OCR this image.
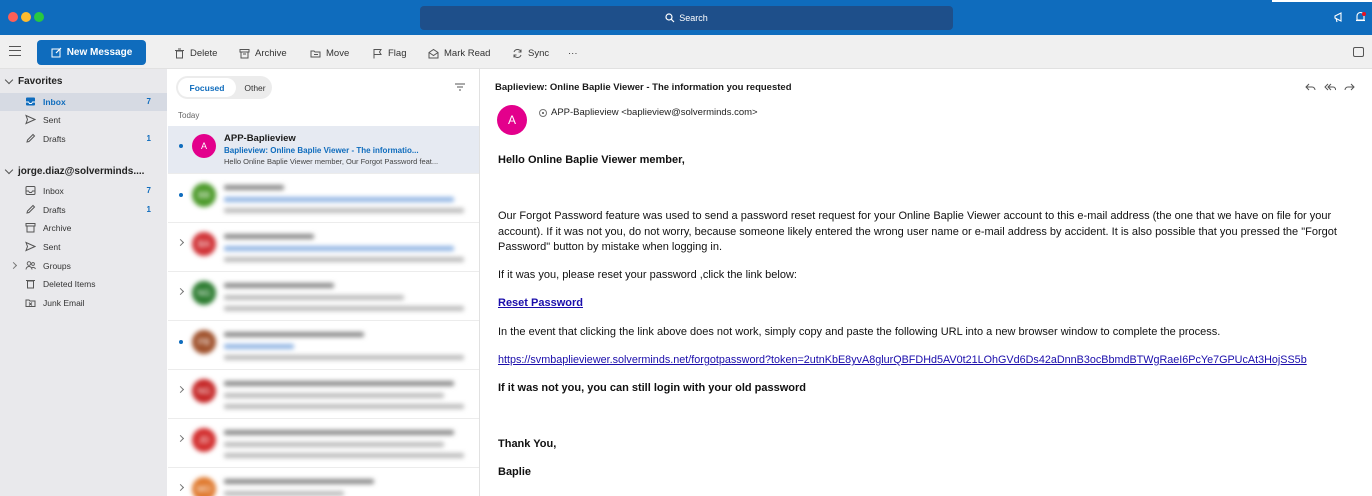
Search
New Message	Delete	Archive	Move	Flag	Mark Read	Sync ···
Favorites
Inbox	7
Sent
Drafts	1
jorge.diaz@solverminds....
Inbox	7
Drafts	1
Archive
Sent
Groups
Deleted Items
Junk Email
Focused	Other
Today
A
APP-Baplieview
Baplieview: Online Baplie Viewer - The informatio...
Hello Online Baplie Viewer member, Our Forgot Password feat...
BB
BA
NG
PB
NG
JD
MO
Baplieview: Online Baplie Viewer - The information you requested
A
APP-Baplieview <baplieview@solverminds.com>
Hello Online Baplie Viewer member,
Our Forgot Password feature was used to send a password reset request for your Online Baplie Viewer account to this e-mail address (the one that we have on file for your account). If it was not you, do not worry, because someone likely entered the wrong user name or e-mail address by accident. It is also possible that you pressed the "Forgot Password" button by mistake when logging in.
If it was you, please reset your password ,click the link below:
Reset Password
In the event that clicking the link above does not work, simply copy and paste the following URL into a new browser window to complete the process.
https://svmbaplieviewer.solverminds.net/forgotpassword?token=2utnKbE8yvA8glurQBFDHd5AV0t21LOhGVd6Ds42aDnnB3ocBbmdBTWgRaeI6PcYe7GPUcAt3HojSS5b
If it was not you, you can still login with your old password
Thank You,
Baplie
